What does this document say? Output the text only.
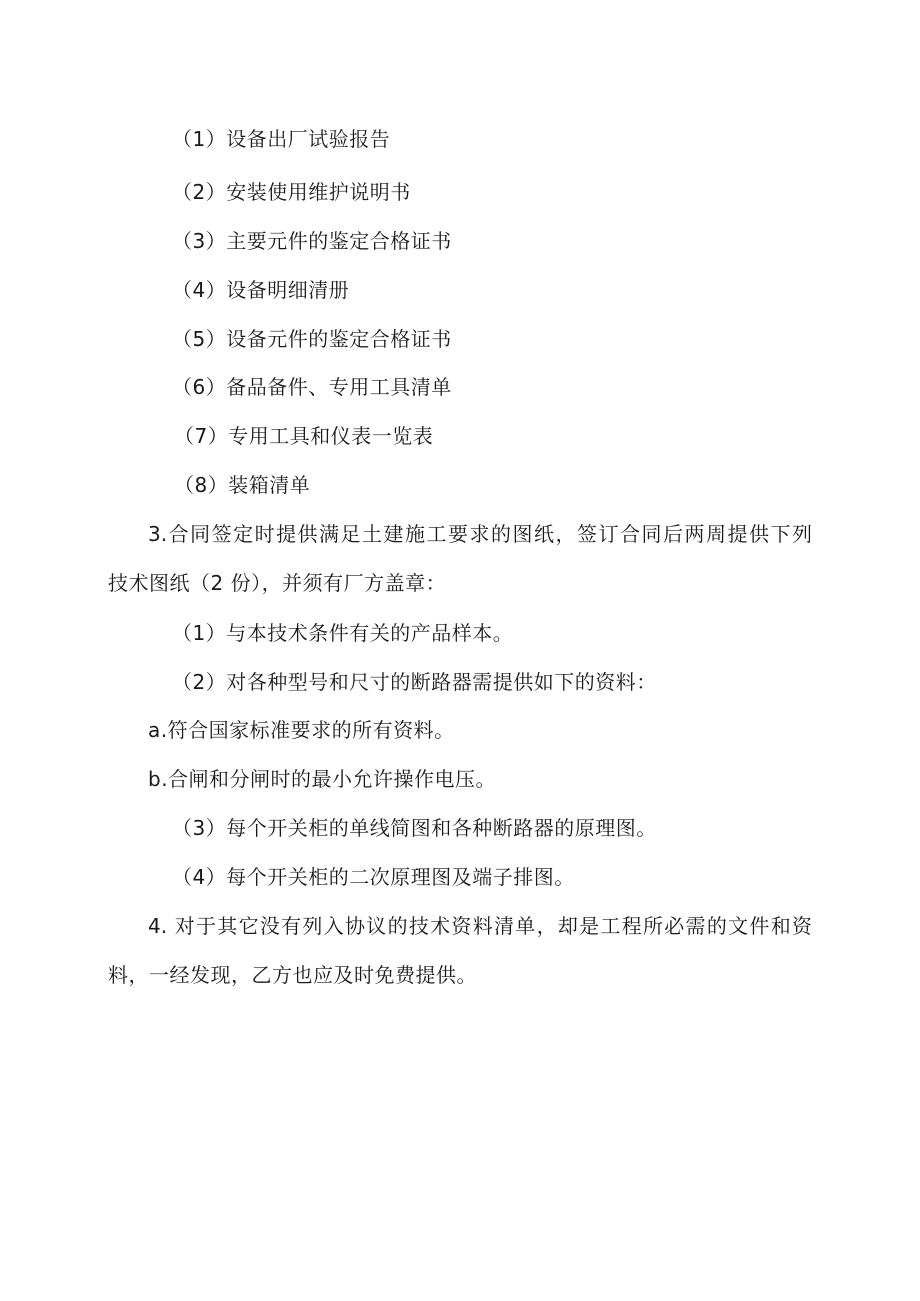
（1）设备出厂试验报告
（2）安装使用维护说明书
（3）主要元件的鉴定合格证书
（4）设备明细清册
（5）设备元件的鉴定合格证书
（6）备品备件、专用工具清单
（7）专用工具和仪表一览表
（8）装箱清单
3.合同签定时提供满足土建施工要求的图纸，签订合同后两周提供下列
技术图纸（2 份），并须有厂方盖章：
（1）与本技术条件有关的产品样本。
（2）对各种型号和尺寸的断路器需提供如下的资料：
a.符合国家标准要求的所有资料。
b.合闸和分闸时的最小允许操作电压。
（3）每个开关柜的单线简图和各种断路器的原理图。
（4）每个开关柜的二次原理图及端子排图。
4. 对于其它没有列入协议的技术资料清单，却是工程所必需的文件和资
料，一经发现，乙方也应及时免费提供。
